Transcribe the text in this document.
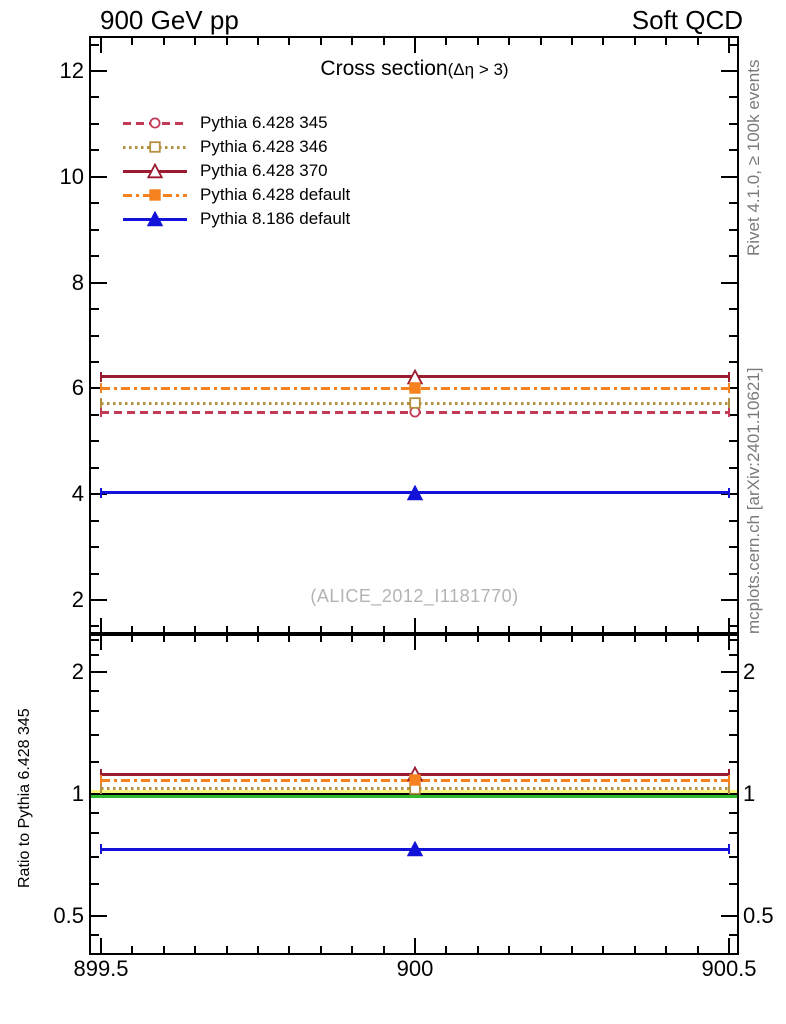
900 GeV pp	Soft QCD
Cross section(Δη > 3)
(ALICE_2012_I1181770)
Rivet 4.1.0, ≥ 100k events
mcplots.cern.ch [arXiv:2401.10621]
Ratio to Pythia 6.428 345
899.5	900	900.5
2
4
6
8
10
12
0.5	0.5
1	1
2	2
Pythia 6.428 345
Pythia 6.428 346
Pythia 6.428 370
Pythia 6.428 default
Pythia 8.186 default
